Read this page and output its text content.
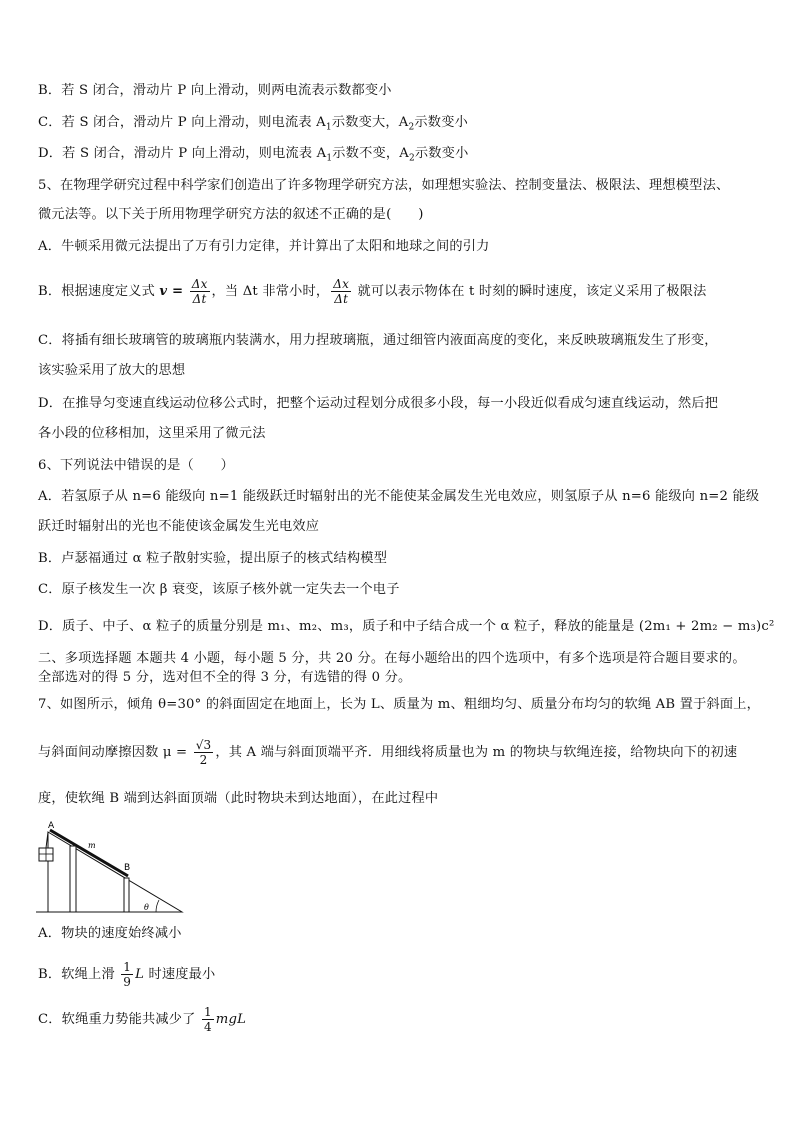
B．若 S 闭合，滑动片 P 向上滑动，则两电流表示数都变小
C．若 S 闭合，滑动片 P 向上滑动，则电流表 $A_1$示数变大，$A_2$示数变小
D．若 S 闭合，滑动片 P 向上滑动，则电流表 $A_1$示数不变，$A_2$示数变小
5、在物理学研究过程中科学家们创造出了许多物理学研究方法，如理想实验法、控制变量法、极限法、理想模型法、
微元法等。以下关于所用物理学研究方法的叙述不正确的是(　　)
A．牛顿采用微元法提出了万有引力定律，并计算出了太阳和地球之间的引力
B．根据速度定义式 $v = \frac{\Delta x}{\Delta t}$ ，当 Δt 非常小时， $\frac{\Delta x}{\Delta t}$ 就可以表示物体在 t 时刻的瞬时速度，该定义采用了极限法
C．将插有细长玻璃管的玻璃瓶内装满水，用力捏玻璃瓶，通过细管内液面高度的变化，来反映玻璃瓶发生了形变，
该实验采用了放大的思想
D．在推导匀变速直线运动位移公式时，把整个运动过程划分成很多小段，每一小段近似看成匀速直线运动，然后把
各小段的位移相加，这里采用了微元法
6、下列说法中错误的是（　　）
A．若氢原子从 n=6 能级向 n=1 能级跃迁时辐射出的光不能使某金属发生光电效应，则氢原子从 n=6 能级向 n=2 能级
跃迁时辐射出的光也不能使该金属发生光电效应
B．卢瑟福通过 α 粒子散射实验，提出原子的核式结构模型
C．原子核发生一次 β 衰变，该原子核外就一定失去一个电子
D．质子、中子、α 粒子的质量分别是 m₁、m₂、m₃，质子和中子结合成一个 α 粒子，释放的能量是 (2m₁ + 2m₂ − m₃)c²
二、多项选择题 本题共 4 小题，每小题 5 分，共 20 分。在每小题给出的四个选项中，有多个选项是符合题目要求的。
全部选对的得 5 分，选对但不全的得 3 分，有选错的得 0 分。
7、如图所示，倾角 θ=30° 的斜面固定在地面上，长为 L、质量为 m、粗细均匀、质量分布均匀的软绳 AB 置于斜面上，
与斜面间动摩擦因数 $\mu = \frac{√3}{2}$ ，其 A 端与斜面顶端平齐．用细线将质量也为 m 的物块与软绳连接，给物块向下的初速
度，使软绳 B 端到达斜面顶端（此时物块未到达地面），在此过程中
A
m
B
θ
A．物块的速度始终减小
B．软绳上滑 $\frac{1}{9}$ L 时速度最小
C．软绳重力势能共减少了 $\frac{1}{4}$ mgL
